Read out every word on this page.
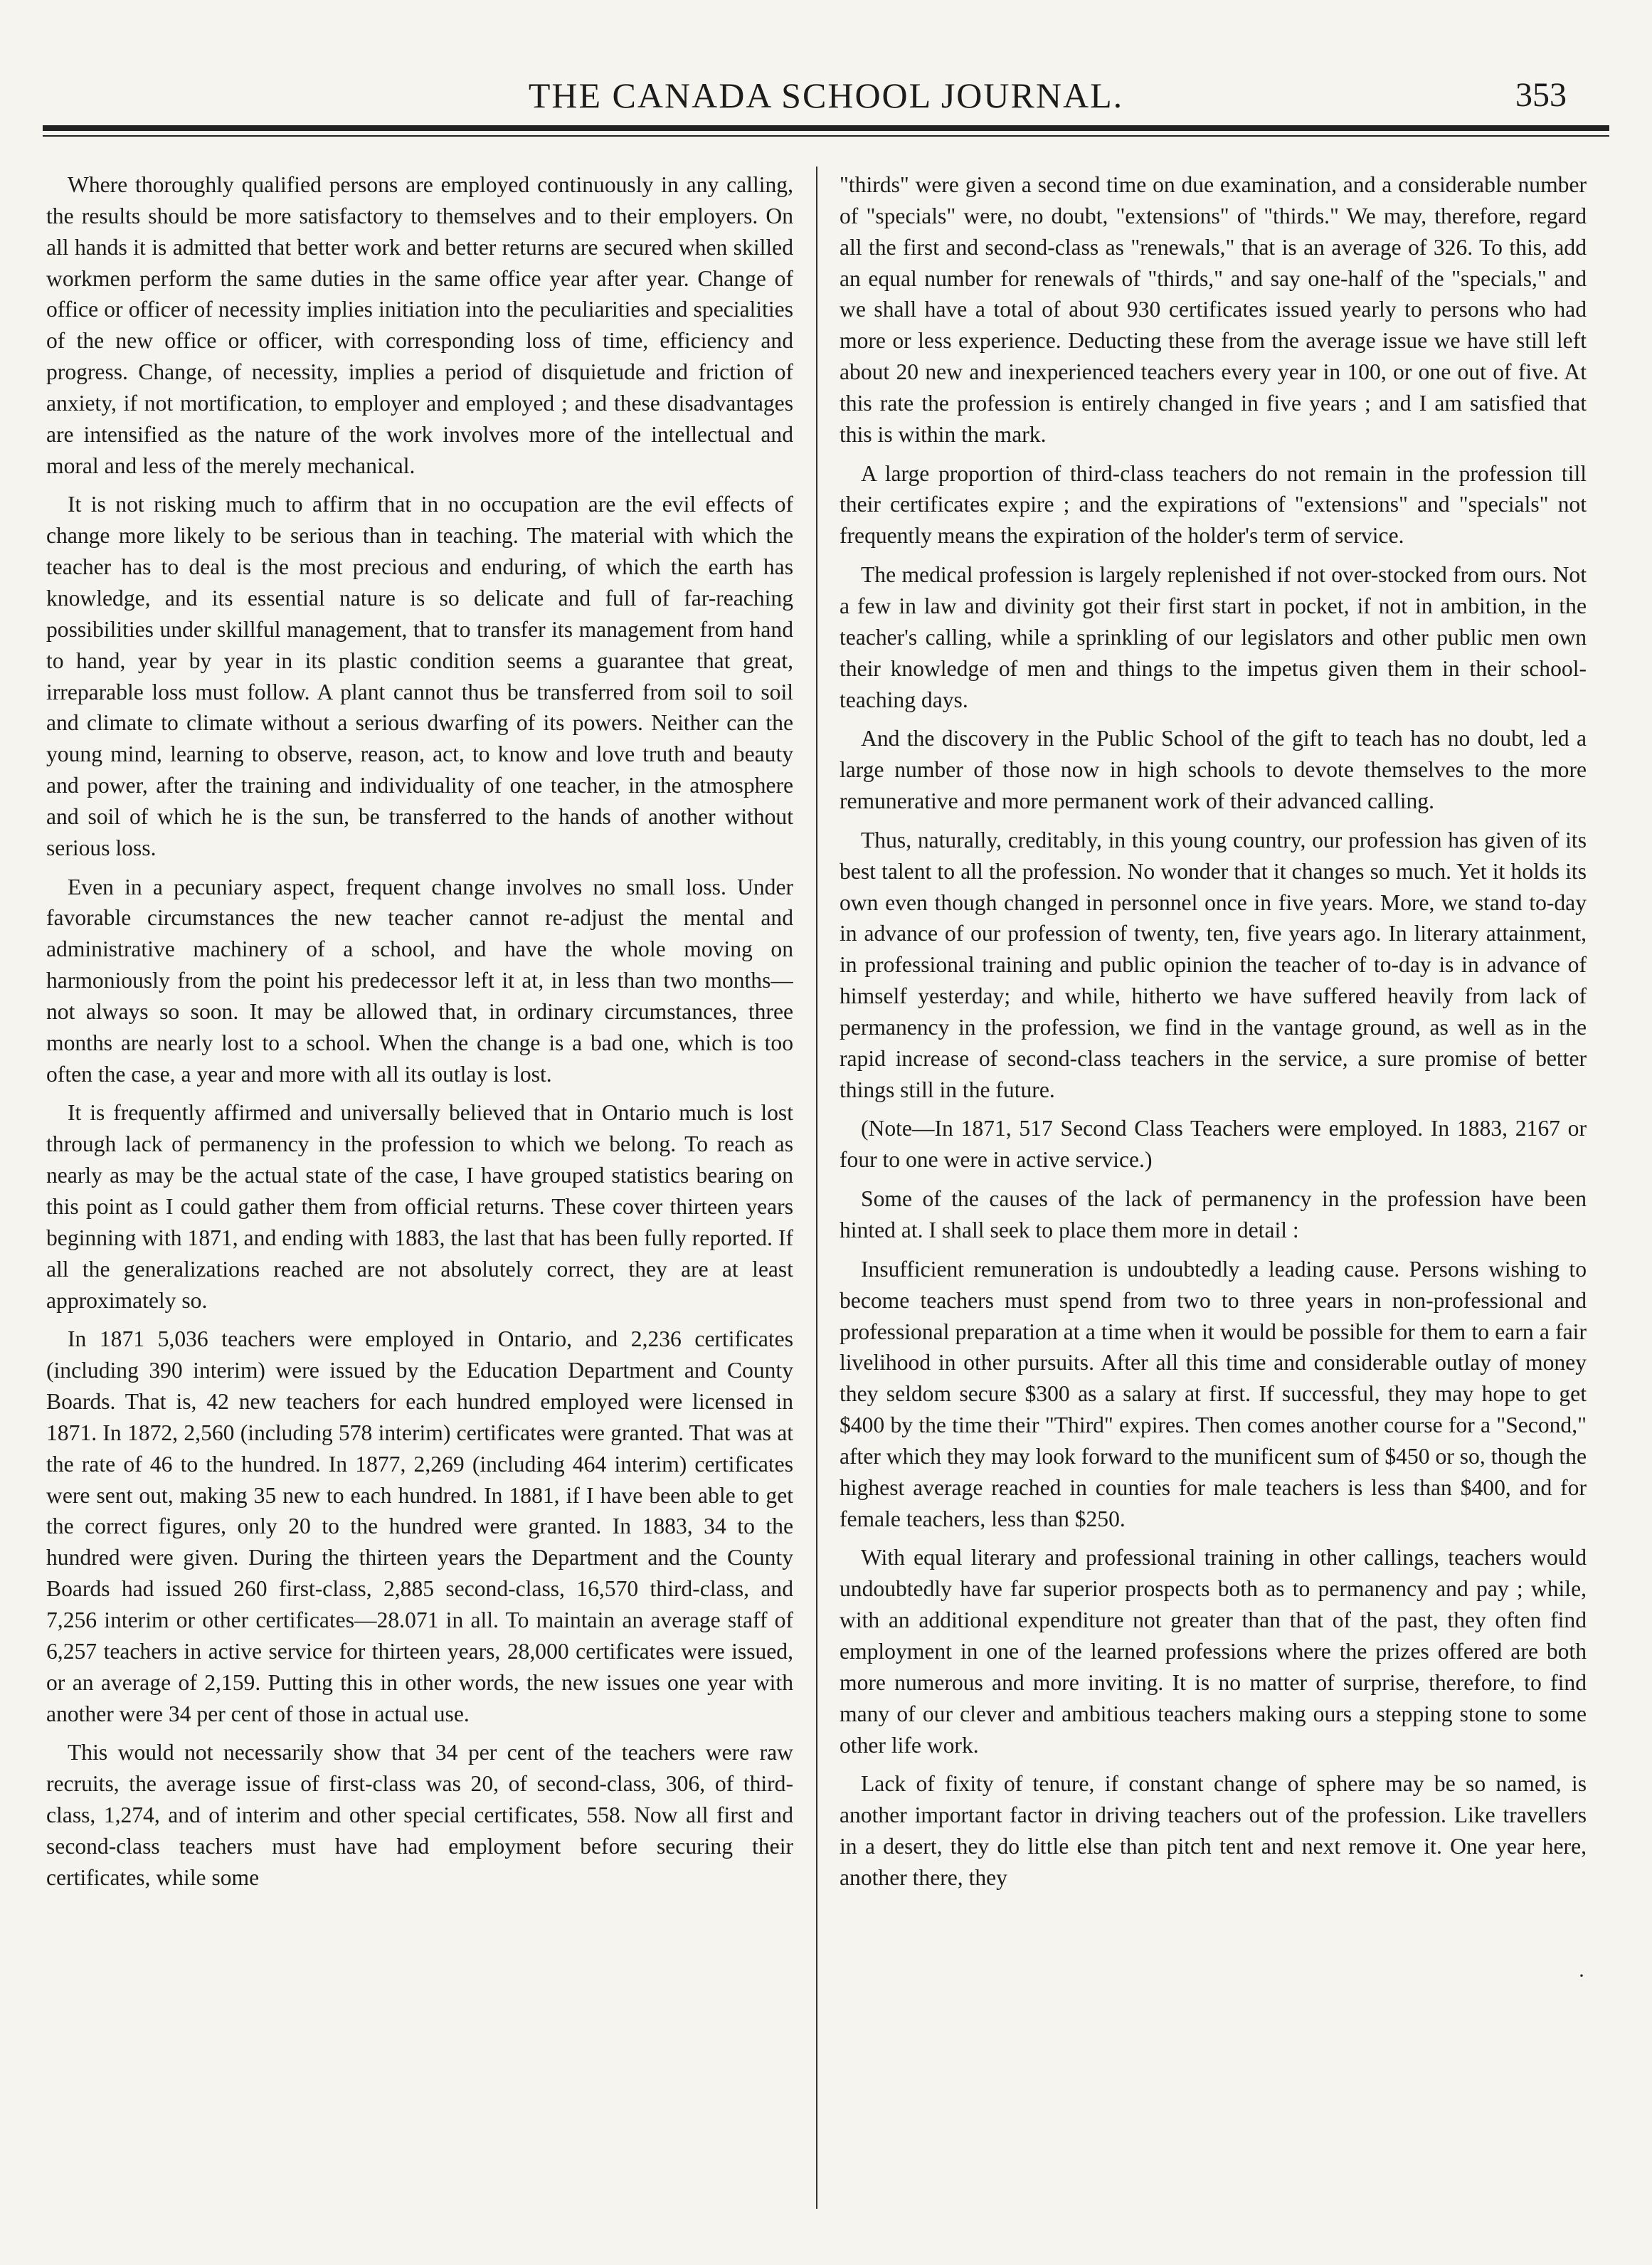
THE CANADA SCHOOL JOURNAL.	353

Where thoroughly qualified persons are employed continuously in any calling, the results should be more satisfactory to themselves and to their employers. On all hands it is admitted that better work and better returns are secured when skilled workmen perform the same duties in the same office year after year. Change of office or officer of necessity implies initiation into the peculiarities and specialities of the new office or officer, with corresponding loss of time, efficiency and progress. Change, of necessity, implies a period of disquietude and friction of anxiety, if not mortification, to employer and employed ; and these disadvantages are intensified as the nature of the work involves more of the intellectual and moral and less of the merely mechanical.

It is not risking much to affirm that in no occupation are the evil effects of change more likely to be serious than in teaching. The material with which the teacher has to deal is the most precious and enduring, of which the earth has knowledge, and its essential nature is so delicate and full of far-reaching possibilities under skillful management, that to transfer its management from hand to hand, year by year in its plastic condition seems a guarantee that great, irreparable loss must follow. A plant cannot thus be transferred from soil to soil and climate to climate without a serious dwarfing of its powers. Neither can the young mind, learning to observe, reason, act, to know and love truth and beauty and power, after the training and individuality of one teacher, in the atmosphere and soil of which he is the sun, be transferred to the hands of another without serious loss.

Even in a pecuniary aspect, frequent change involves no small loss. Under favorable circumstances the new teacher cannot re-adjust the mental and administrative machinery of a school, and have the whole moving on harmoniously from the point his predecessor left it at, in less than two months—not always so soon. It may be allowed that, in ordinary circumstances, three months are nearly lost to a school. When the change is a bad one, which is too often the case, a year and more with all its outlay is lost.

It is frequently affirmed and universally believed that in Ontario much is lost through lack of permanency in the profession to which we belong. To reach as nearly as may be the actual state of the case, I have grouped statistics bearing on this point as I could gather them from official returns. These cover thirteen years beginning with 1871, and ending with 1883, the last that has been fully reported. If all the generalizations reached are not absolutely correct, they are at least approximately so.

In 1871 5,036 teachers were employed in Ontario, and 2,236 certificates (including 390 interim) were issued by the Education Department and County Boards. That is, 42 new teachers for each hundred employed were licensed in 1871. In 1872, 2,560 (including 578 interim) certificates were granted. That was at the rate of 46 to the hundred. In 1877, 2,269 (including 464 interim) certificates were sent out, making 35 new to each hundred. In 1881, if I have been able to get the correct figures, only 20 to the hundred were granted. In 1883, 34 to the hundred were given. During the thirteen years the Department and the County Boards had issued 260 first-class, 2,885 second-class, 16,570 third-class, and 7,256 interim or other certificates—28.071 in all. To maintain an average staff of 6,257 teachers in active service for thirteen years, 28,000 certificates were issued, or an average of 2,159. Putting this in other words, the new issues one year with another were 34 per cent of those in actual use.

This would not necessarily show that 34 per cent of the teachers were raw recruits, the average issue of first-class was 20, of second-class, 306, of third-class, 1,274, and of interim and other special certificates, 558. Now all first and second-class teachers must have had employment before securing their certificates, while some

"thirds" were given a second time on due examination, and a considerable number of "specials" were, no doubt, "extensions" of "thirds." We may, therefore, regard all the first and second-class as "renewals," that is an average of 326. To this, add an equal number for renewals of "thirds," and say one-half of the "specials," and we shall have a total of about 930 certificates issued yearly to persons who had more or less experience. Deducting these from the average issue we have still left about 20 new and inexperienced teachers every year in 100, or one out of five. At this rate the profession is entirely changed in five years ; and I am satisfied that this is within the mark.

A large proportion of third-class teachers do not remain in the profession till their certificates expire ; and the expirations of "extensions" and "specials" not frequently means the expiration of the holder's term of service.

The medical profession is largely replenished if not over-stocked from ours. Not a few in law and divinity got their first start in pocket, if not in ambition, in the teacher's calling, while a sprinkling of our legislators and other public men own their knowledge of men and things to the impetus given them in their school-teaching days.

And the discovery in the Public School of the gift to teach has no doubt, led a large number of those now in high schools to devote themselves to the more remunerative and more permanent work of their advanced calling.

Thus, naturally, creditably, in this young country, our profession has given of its best talent to all the profession. No wonder that it changes so much. Yet it holds its own even though changed in personnel once in five years. More, we stand to-day in advance of our profession of twenty, ten, five years ago. In literary attainment, in professional training and public opinion the teacher of to-day is in advance of himself yesterday; and while, hitherto we have suffered heavily from lack of permanency in the profession, we find in the vantage ground, as well as in the rapid increase of second-class teachers in the service, a sure promise of better things still in the future.

(Note—In 1871, 517 Second Class Teachers were employed. In 1883, 2167 or four to one were in active service.)

Some of the causes of the lack of permanency in the profession have been hinted at. I shall seek to place them more in detail :

Insufficient remuneration is undoubtedly a leading cause. Persons wishing to become teachers must spend from two to three years in non-professional and professional preparation at a time when it would be possible for them to earn a fair livelihood in other pursuits. After all this time and considerable outlay of money they seldom secure $300 as a salary at first. If successful, they may hope to get $400 by the time their "Third" expires. Then comes another course for a "Second," after which they may look forward to the munificent sum of $450 or so, though the highest average reached in counties for male teachers is less than $400, and for female teachers, less than $250.

With equal literary and professional training in other callings, teachers would undoubtedly have far superior prospects both as to permanency and pay ; while, with an additional expenditure not greater than that of the past, they often find employment in one of the learned professions where the prizes offered are both more numerous and more inviting. It is no matter of surprise, therefore, to find many of our clever and ambitious teachers making ours a stepping stone to some other life work.

Lack of fixity of tenure, if constant change of sphere may be so named, is another important factor in driving teachers out of the profession. Like travellers in a desert, they do little else than pitch tent and next remove it. One year here, another there, they

·
